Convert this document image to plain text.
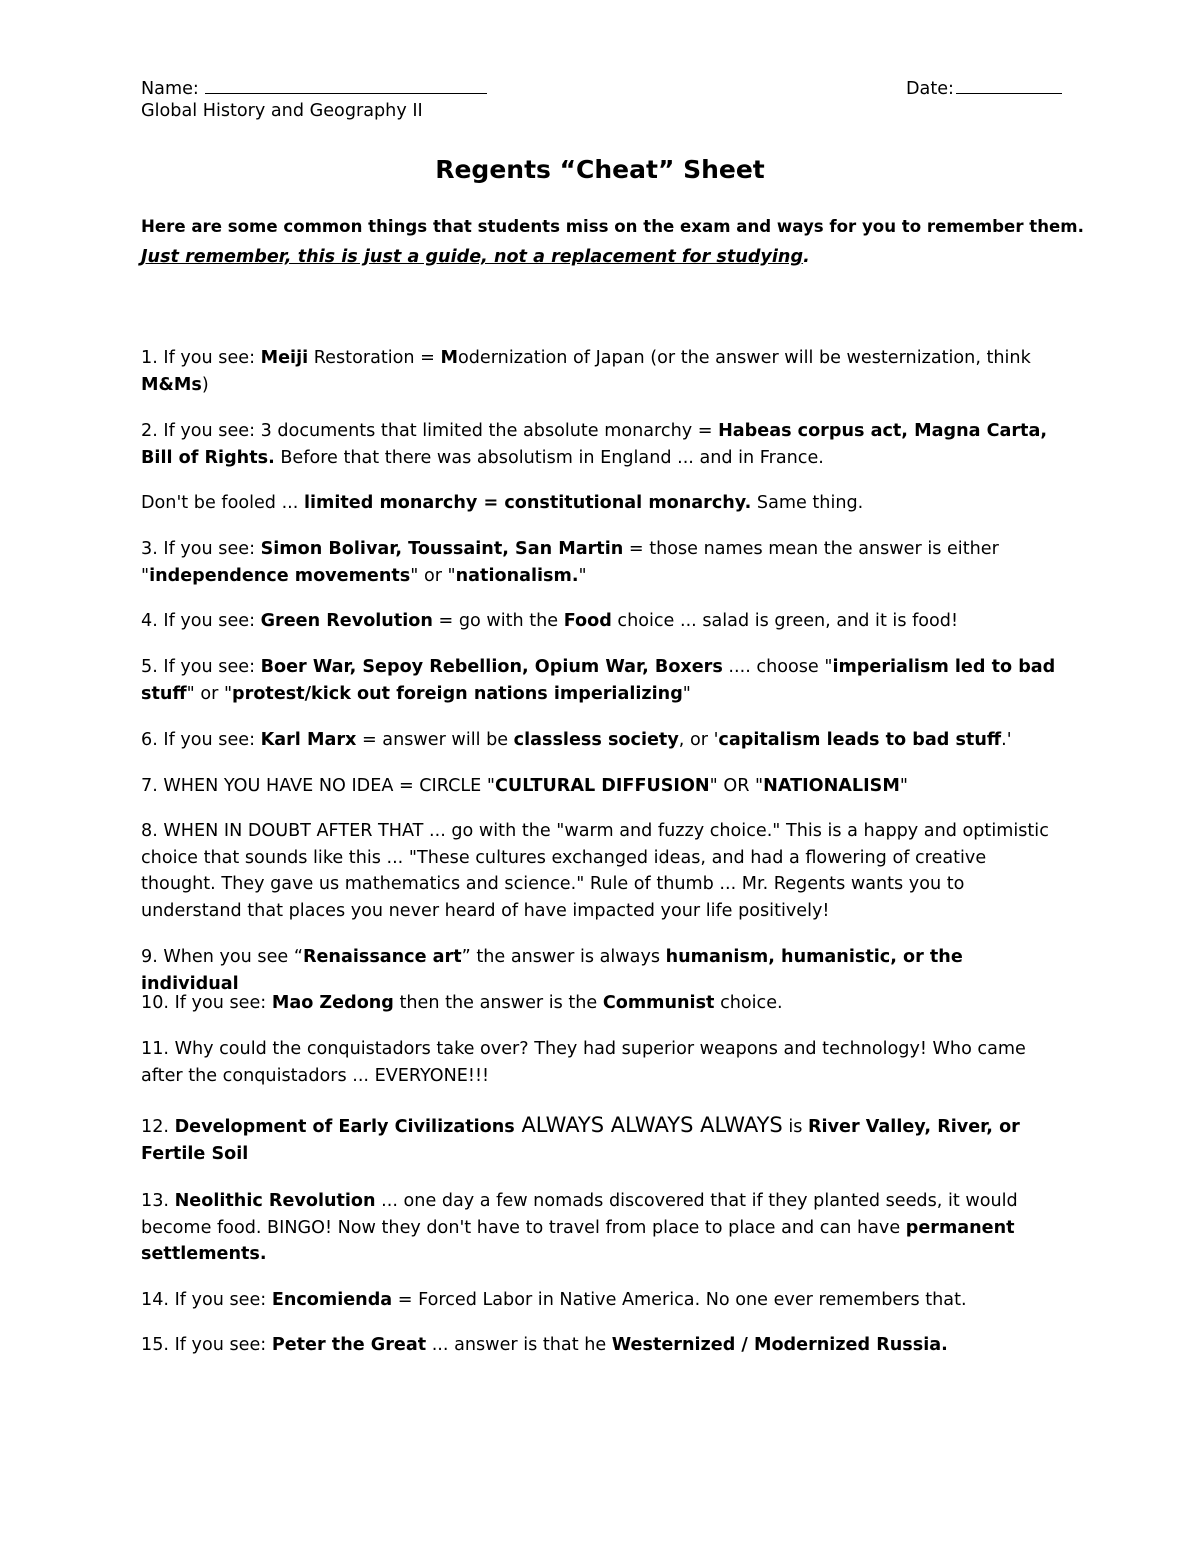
Name:	Date:
Global History and Geography II
Regents “Cheat” Sheet
Here are some common things that students miss on the exam and ways for you to remember them.
Just remember, this is just a guide, not a replacement for studying.
1. If you see: Meiji Restoration = Modernization of Japan (or the answer will be westernization, think M&Ms)
2. If you see: 3 documents that limited the absolute monarchy = Habeas corpus act, Magna Carta, Bill of Rights. Before that there was absolutism in England ... and in France.
Don't be fooled ... limited monarchy = constitutional monarchy. Same thing.
3. If you see: Simon Bolivar, Toussaint, San Martin = those names mean the answer is either "independence movements" or "nationalism."
4. If you see: Green Revolution = go with the Food choice ... salad is green, and it is food!
5. If you see: Boer War, Sepoy Rebellion, Opium War, Boxers .... choose "imperialism led to bad stuff" or "protest/kick out foreign nations imperializing"
6. If you see: Karl Marx = answer will be classless society, or 'capitalism leads to bad stuff.'
7. WHEN YOU HAVE NO IDEA = CIRCLE "CULTURAL DIFFUSION" OR "NATIONALISM"
8. WHEN IN DOUBT AFTER THAT ... go with the "warm and fuzzy choice." This is a happy and optimistic choice that sounds like this ... "These cultures exchanged ideas, and had a flowering of creative thought. They gave us mathematics and science." Rule of thumb ... Mr. Regents wants you to understand that places you never heard of have impacted your life positively!
9. When you see “Renaissance art” the answer is always humanism, humanistic, or the individual
10. If you see: Mao Zedong then the answer is the Communist choice.
11. Why could the conquistadors take over? They had superior weapons and technology! Who came after the conquistadors ... EVERYONE!!!
12. Development of Early Civilizations ALWAYS ALWAYS ALWAYS is River Valley, River, or Fertile Soil
13. Neolithic Revolution ... one day a few nomads discovered that if they planted seeds, it would become food. BINGO! Now they don't have to travel from place to place and can have permanent settlements.
14. If you see: Encomienda = Forced Labor in Native America. No one ever remembers that.
15. If you see: Peter the Great ... answer is that he Westernized / Modernized Russia.
